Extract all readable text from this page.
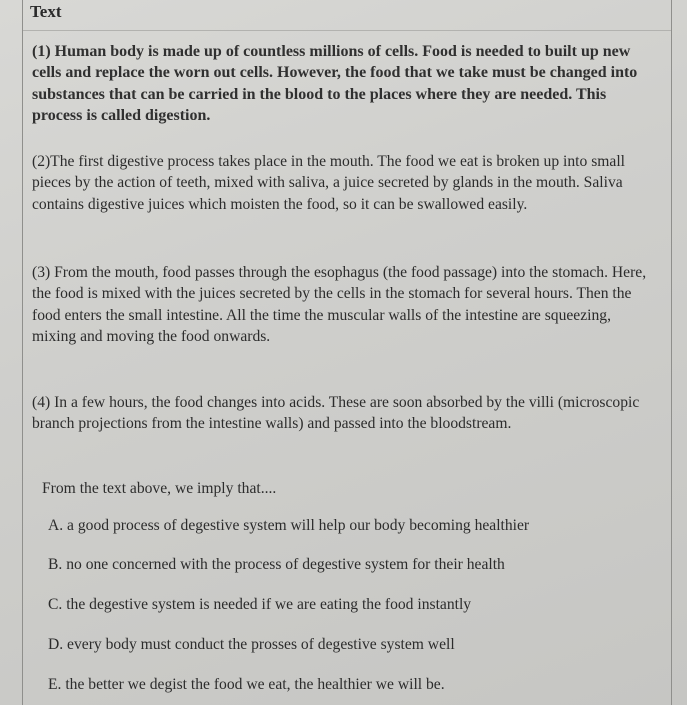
Text
(1) Human body is made up of countless millions of cells. Food is needed to built up new cells and replace the worn out cells. However, the food that we take must be changed into substances that can be carried in the blood to the places where they are needed. This process is called digestion.
(2)The first digestive process takes place in the mouth. The food we eat is broken up into small pieces by the action of teeth, mixed with saliva, a juice secreted by glands in the mouth. Saliva contains digestive juices which moisten the food, so it can be swallowed easily.
(3) From the mouth, food passes through the esophagus (the food passage) into the stomach. Here, the food is mixed with the juices secreted by the cells in the stomach for several hours. Then the food enters the small intestine. All the time the muscular walls of the intestine are squeezing, mixing and moving the food onwards.
(4) In a few hours, the food changes into acids. These are soon absorbed by the villi (microscopic branch projections from the intestine walls) and passed into the bloodstream.
From the text above, we imply that....
A. a good process of degestive system will help our body becoming healthier
B. no one concerned with the process of degestive system for their health
C. the degestive system is needed if we are eating the food instantly
D. every body must conduct the prosses of degestive system well
E. the better we degist the food we eat, the healthier we will be.
